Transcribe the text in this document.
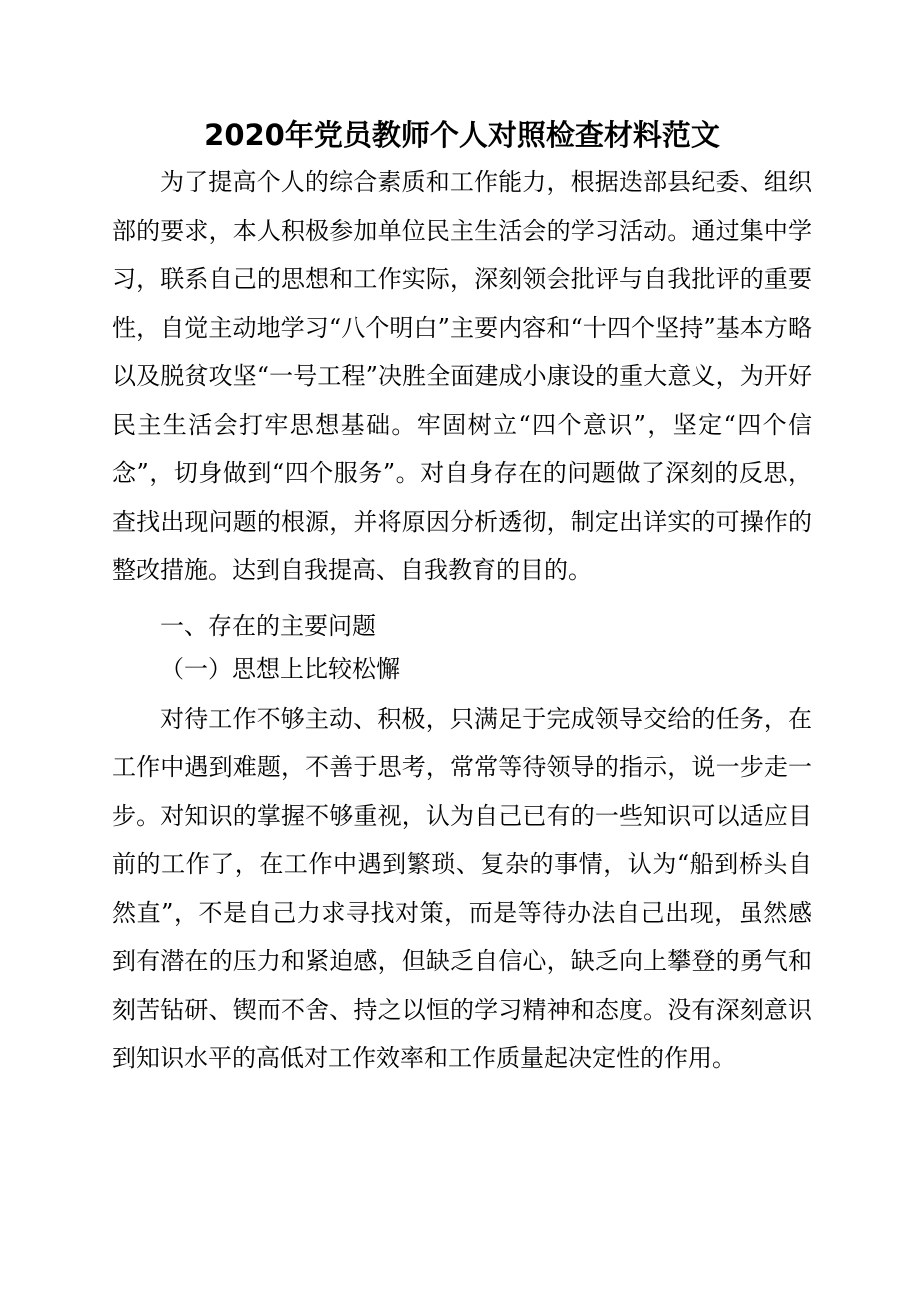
2020年党员教师个人对照检查材料范文

为了提高个人的综合素质和工作能力，根据迭部县纪委、组织部的要求，本人积极参加单位民主生活会的学习活动。通过集中学习，联系自己的思想和工作实际，深刻领会批评与自我批评的重要性，自觉主动地学习“八个明白”主要内容和“十四个坚持”基本方略以及脱贫攻坚“一号工程”决胜全面建成小康设的重大意义，为开好民主生活会打牢思想基础。牢固树立“四个意识”，坚定“四个信念”，切身做到“四个服务”。对自身存在的问题做了深刻的反思，查找出现问题的根源，并将原因分析透彻，制定出详实的可操作的整改措施。达到自我提高、自我教育的目的。

一、存在的主要问题

（一）思想上比较松懈

对待工作不够主动、积极，只满足于完成领导交给的任务，在工作中遇到难题，不善于思考，常常等待领导的指示，说一步走一步。对知识的掌握不够重视，认为自己已有的一些知识可以适应目前的工作了，在工作中遇到繁琐、复杂的事情，认为“船到桥头自然直”，不是自己力求寻找对策，而是等待办法自己出现，虽然感到有潜在的压力和紧迫感，但缺乏自信心，缺乏向上攀登的勇气和刻苦钻研、锲而不舍、持之以恒的学习精神和态度。没有深刻意识到知识水平的高低对工作效率和工作质量起决定性的作用。
